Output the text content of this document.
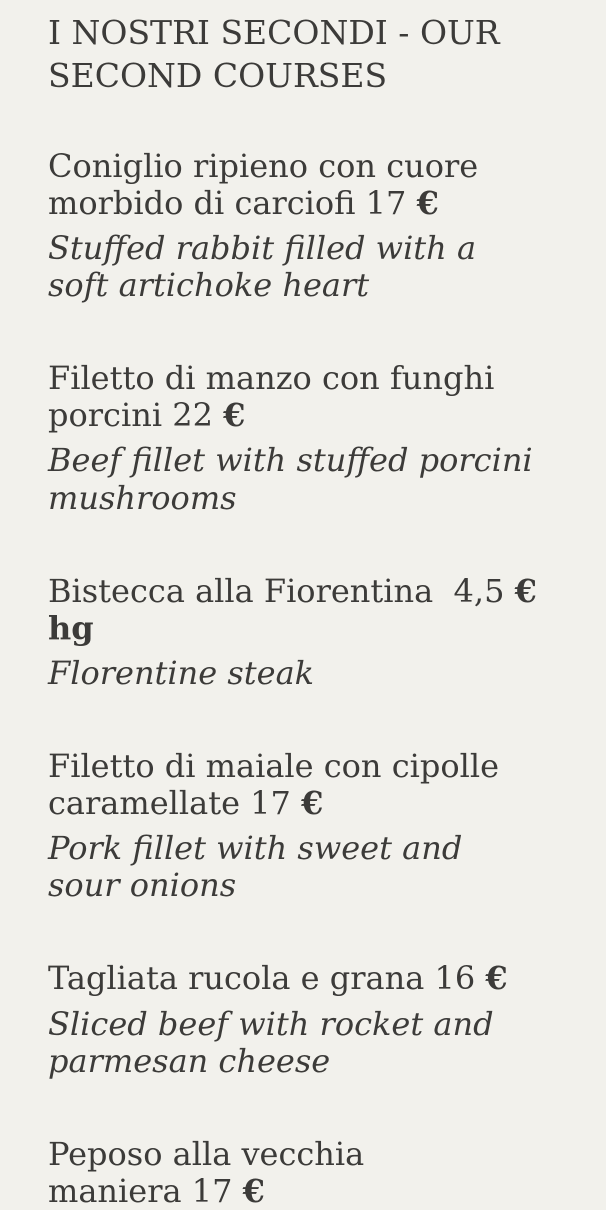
I NOSTRI SECONDI - OUR
SECOND COURSES
Coniglio ripieno con cuore
morbido di carciofi 17 €

Stuffed rabbit filled with a
soft artichoke heart

Filetto di manzo con funghi
porcini 22 €

Beef fillet with stuffed porcini
mushrooms

Bistecca alla Fiorentina 4,5 €
hg

Florentine steak

Filetto di maiale con cipolle
caramellate 17 €

Pork fillet with sweet and
sour onions

Tagliata rucola e grana 16 €

Sliced beef with rocket and
parmesan cheese

Peposo alla vecchia
maniera 17 €
